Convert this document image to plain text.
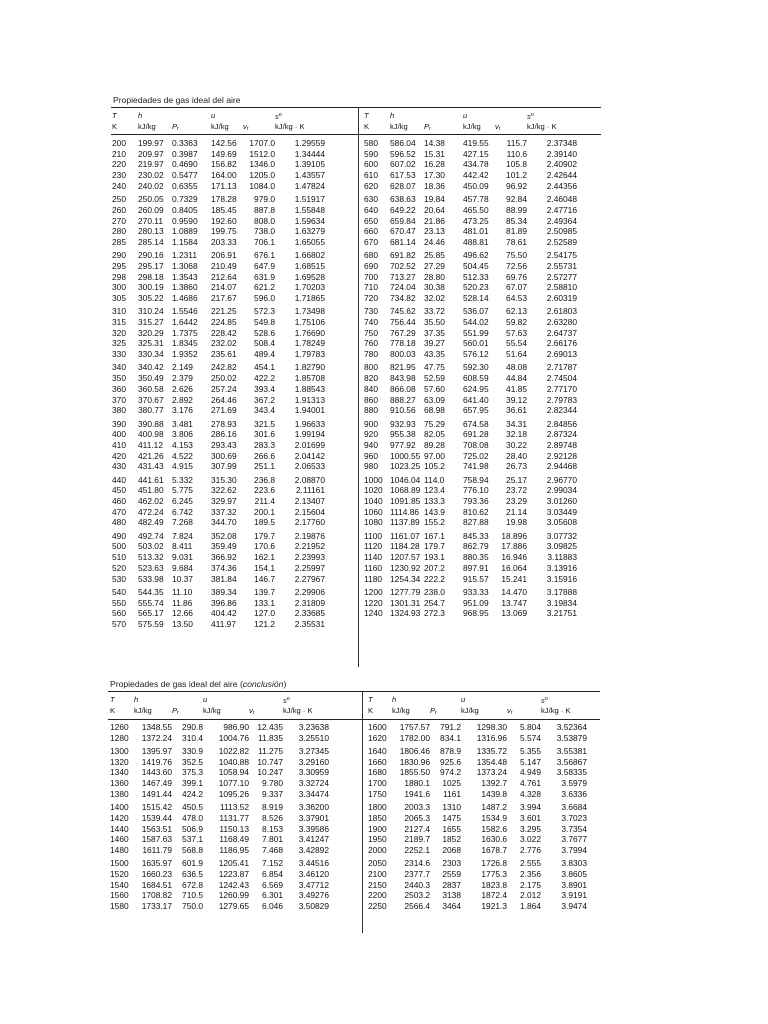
Propiedades de gas ideal del aire
T	h		u		$s^o$
K	kJ/kg	$P_r$	kJ/kg	$v_r$	kJ/kg · K
T	h		u		$s^o$
K	kJ/kg	$P_r$	kJ/kg	$v_r$	kJ/kg · K
200	199.97	0.3363	142.56	1707.0	1.29559
210	209.97	0.3987	149.69	1512.0	1.34444
220	219.97	0.4690	156.82	1346.0	1.39105
230	230.02	0.5477	164.00	1205.0	1.43557
240	240.02	0.6355	171.13	1084.0	1.47824
250	250.05	0.7329	178.28	979.0	1.51917
260	260.09	0.8405	185.45	887.8	1.55848
270	270.11	0.9590	192.60	808.0	1.59634
280	280.13	1.0889	199.75	738.0	1.63279
285	285.14	1.1584	203.33	706.1	1.65055
290	290.16	1.2311	206.91	676.1	1.66802
295	295.17	1.3068	210.49	647.9	1.68515
298	298.18	1.3543	212.64	631.9	1.69528
300	300.19	1.3860	214.07	621.2	1.70203
305	305.22	1.4686	217.67	596.0	1.71865
310	310.24	1.5546	221.25	572.3	1.73498
315	315.27	1.6442	224.85	549.8	1.75106
320	320.29	1.7375	228.42	528.6	1.76690
325	325.31	1.8345	232.02	508.4	1.78249
330	330.34	1.9352	235.61	489.4	1.79783
340	340.42	2.149	242.82	454.1	1.82790
350	350.49	2.379	250.02	422.2	1.85708
360	360.58	2.626	257.24	393.4	1.88543
370	370.67	2.892	264.46	367.2	1.91313
380	380.77	3.176	271.69	343.4	1.94001
390	390.88	3.481	278.93	321.5	1.96633
400	400.98	3.806	286.16	301.6	1.99194
410	411.12	4.153	293.43	283.3	2.01699
420	421.26	4.522	300.69	266.6	2.04142
430	431.43	4.915	307.99	251.1	2.06533
440	441.61	5.332	315.30	236.8	2.08870
450	451.80	5.775	322.62	223.6	2.11161
460	462.02	6.245	329.97	211.4	2.13407
470	472.24	6.742	337.32	200.1	2.15604
480	482.49	7.268	344.70	189.5	2.17760
490	492.74	7.824	352.08	179.7	2.19876
500	503.02	8.411	359.49	170.6	2.21952
510	513.32	9.031	366.92	162.1	2.23993
520	523.63	9.684	374.36	154.1	2.25997
530	533.98	10.37	381.84	146.7	2.27967
540	544.35	11.10	389.34	139.7	2.29906
550	555.74	11.86	396.86	133.1	2.31809
560	565.17	12.66	404.42	127.0	2.33685
570	575.59	13.50	411.97	121.2	2.35531
580	586.04	14.38	419.55	115.7	2.37348
590	596.52	15.31	427.15	110.6	2.39140
600	607.02	16.28	434.78	105.8	2.40902
610	617.53	17.30	442.42	101.2	2.42644
620	628.07	18.36	450.09	96.92	2.44356
630	638.63	19.84	457.78	92.84	2.46048
640	649.22	20.64	465.50	88.99	2.47716
650	659.84	21.86	473.25	85.34	2.49364
660	670.47	23.13	481.01	81.89	2.50985
670	681.14	24.46	488.81	78.61	2.52589
680	691.82	25.85	496.62	75.50	2.54175
690	702.52	27.29	504.45	72.56	2.55731
700	713.27	28.80	512.33	69.76	2.57277
710	724.04	30.38	520.23	67.07	2.58810
720	734.82	32.02	528.14	64.53	2.60319
730	745.62	33.72	536.07	62.13	2.61803
740	756.44	35.50	544.02	59.82	2.63280
750	767.29	37.35	551.99	57.63	2.64737
760	778.18	39.27	560.01	55.54	2.66176
780	800.03	43.35	576.12	51.64	2.69013
800	821.95	47.75	592.30	48.08	2.71787
820	843.98	52.59	608.59	44.84	2.74504
840	866.08	57.60	624.95	41.85	2.77170
860	888.27	63.09	641.40	39.12	2.79783
880	910.56	68.98	657.95	36.61	2.82344
900	932.93	75.29	674.58	34.31	2.84856
920	955.38	82.05	691.28	32.18	2.87324
940	977.92	89.28	708.08	30.22	2.89748
960	1000.55	97.00	725.02	28.40	2.92128
980	1023.25	105.2	741.98	26.73	2.94468
1000	1046.04	114.0	758.94	25.17	2.96770
1020	1068.89	123.4	776.10	23.72	2.99034
1040	1091.85	133.3	793.36	23.29	3.01260
1060	1114.86	143.9	810.62	21.14	3.03449
1080	1137.89	155.2	827.88	19.98	3.05608
1100	1161.07	167.1	845.33	18.896	3.07732
1120	1184.28	179.7	862.79	17.886	3.09825
1140	1207.57	193.1	880.35	16.946	3.11883
1160	1230.92	207.2	897.91	16.064	3.13916
1180	1254.34	222.2	915.57	15.241	3.15916
1200	1277.79	238.0	933.33	14.470	3.17888
1220	1301.31	254.7	951.09	13.747	3.19834
1240	1324.93	272.3	968.95	13.069	3.21751
Propiedades de gas ideal del aire (conclusión)
T	h		u		$s^o$
K	kJ/kg	$P_r$	kJ/kg	$v_r$	kJ/kg · K
T	h		u		$s^o$
K	kJ/kg	$P_r$	kJ/kg	$v_r$	kJ/kg · K
1260	1348.55	290.8	986.90	12.435	3.23638
1280	1372.24	310.4	1004.76	11.835	3.25510
1300	1395.97	330.9	1022.82	11.275	3.27345
1320	1419.76	352.5	1040.88	10.747	3.29160
1340	1443.60	375.3	1058.94	10.247	3.30959
1360	1467.49	399.1	1077.10	9.780	3.32724
1380	1491.44	424.2	1095.26	9.337	3.34474
1400	1515.42	450.5	1113.52	8.919	3.36200
1420	1539.44	478.0	1131.77	8.526	3.37901
1440	1563.51	506.9	1150.13	8.153	3.39586
1460	1587.63	537.1	1168.49	7.801	3.41247
1480	1611.79	568.8	1186.95	7.468	3.42892
1500	1635.97	601.9	1205.41	7.152	3.44516
1520	1660.23	636.5	1223.87	6.854	3.46120
1540	1684.51	672.8	1242.43	6.569	3.47712
1560	1708.82	710.5	1260.99	6.301	3.49276
1580	1733.17	750.0	1279.65	6.046	3.50829
1600	1757.57	791.2	1298.30	5.804	3.52364
1620	1782.00	834.1	1316.96	5.574	3.53879
1640	1806.46	878.9	1335.72	5.355	3.55381
1660	1830.96	925.6	1354.48	5.147	3.56867
1680	1855.50	974.2	1373.24	4.949	3.58335
1700	1880.1	1025	1392.7	4.761	3.5979
1750	1941.6	1161	1439.8	4.328	3.6336
1800	2003.3	1310	1487.2	3.994	3.6684
1850	2065.3	1475	1534.9	3.601	3.7023
1900	2127.4	1655	1582.6	3.295	3.7354
1950	2189.7	1852	1630.6	3.022	3.7677
2000	2252.1	2068	1678.7	2.776	3.7994
2050	2314.6	2303	1726.8	2.555	3.8303
2100	2377.7	2559	1775.3	2.356	3.8605
2150	2440.3	2837	1823.8	2.175	3.8901
2200	2503.2	3138	1872.4	2.012	3.9191
2250	2566.4	3464	1921.3	1.864	3.9474
